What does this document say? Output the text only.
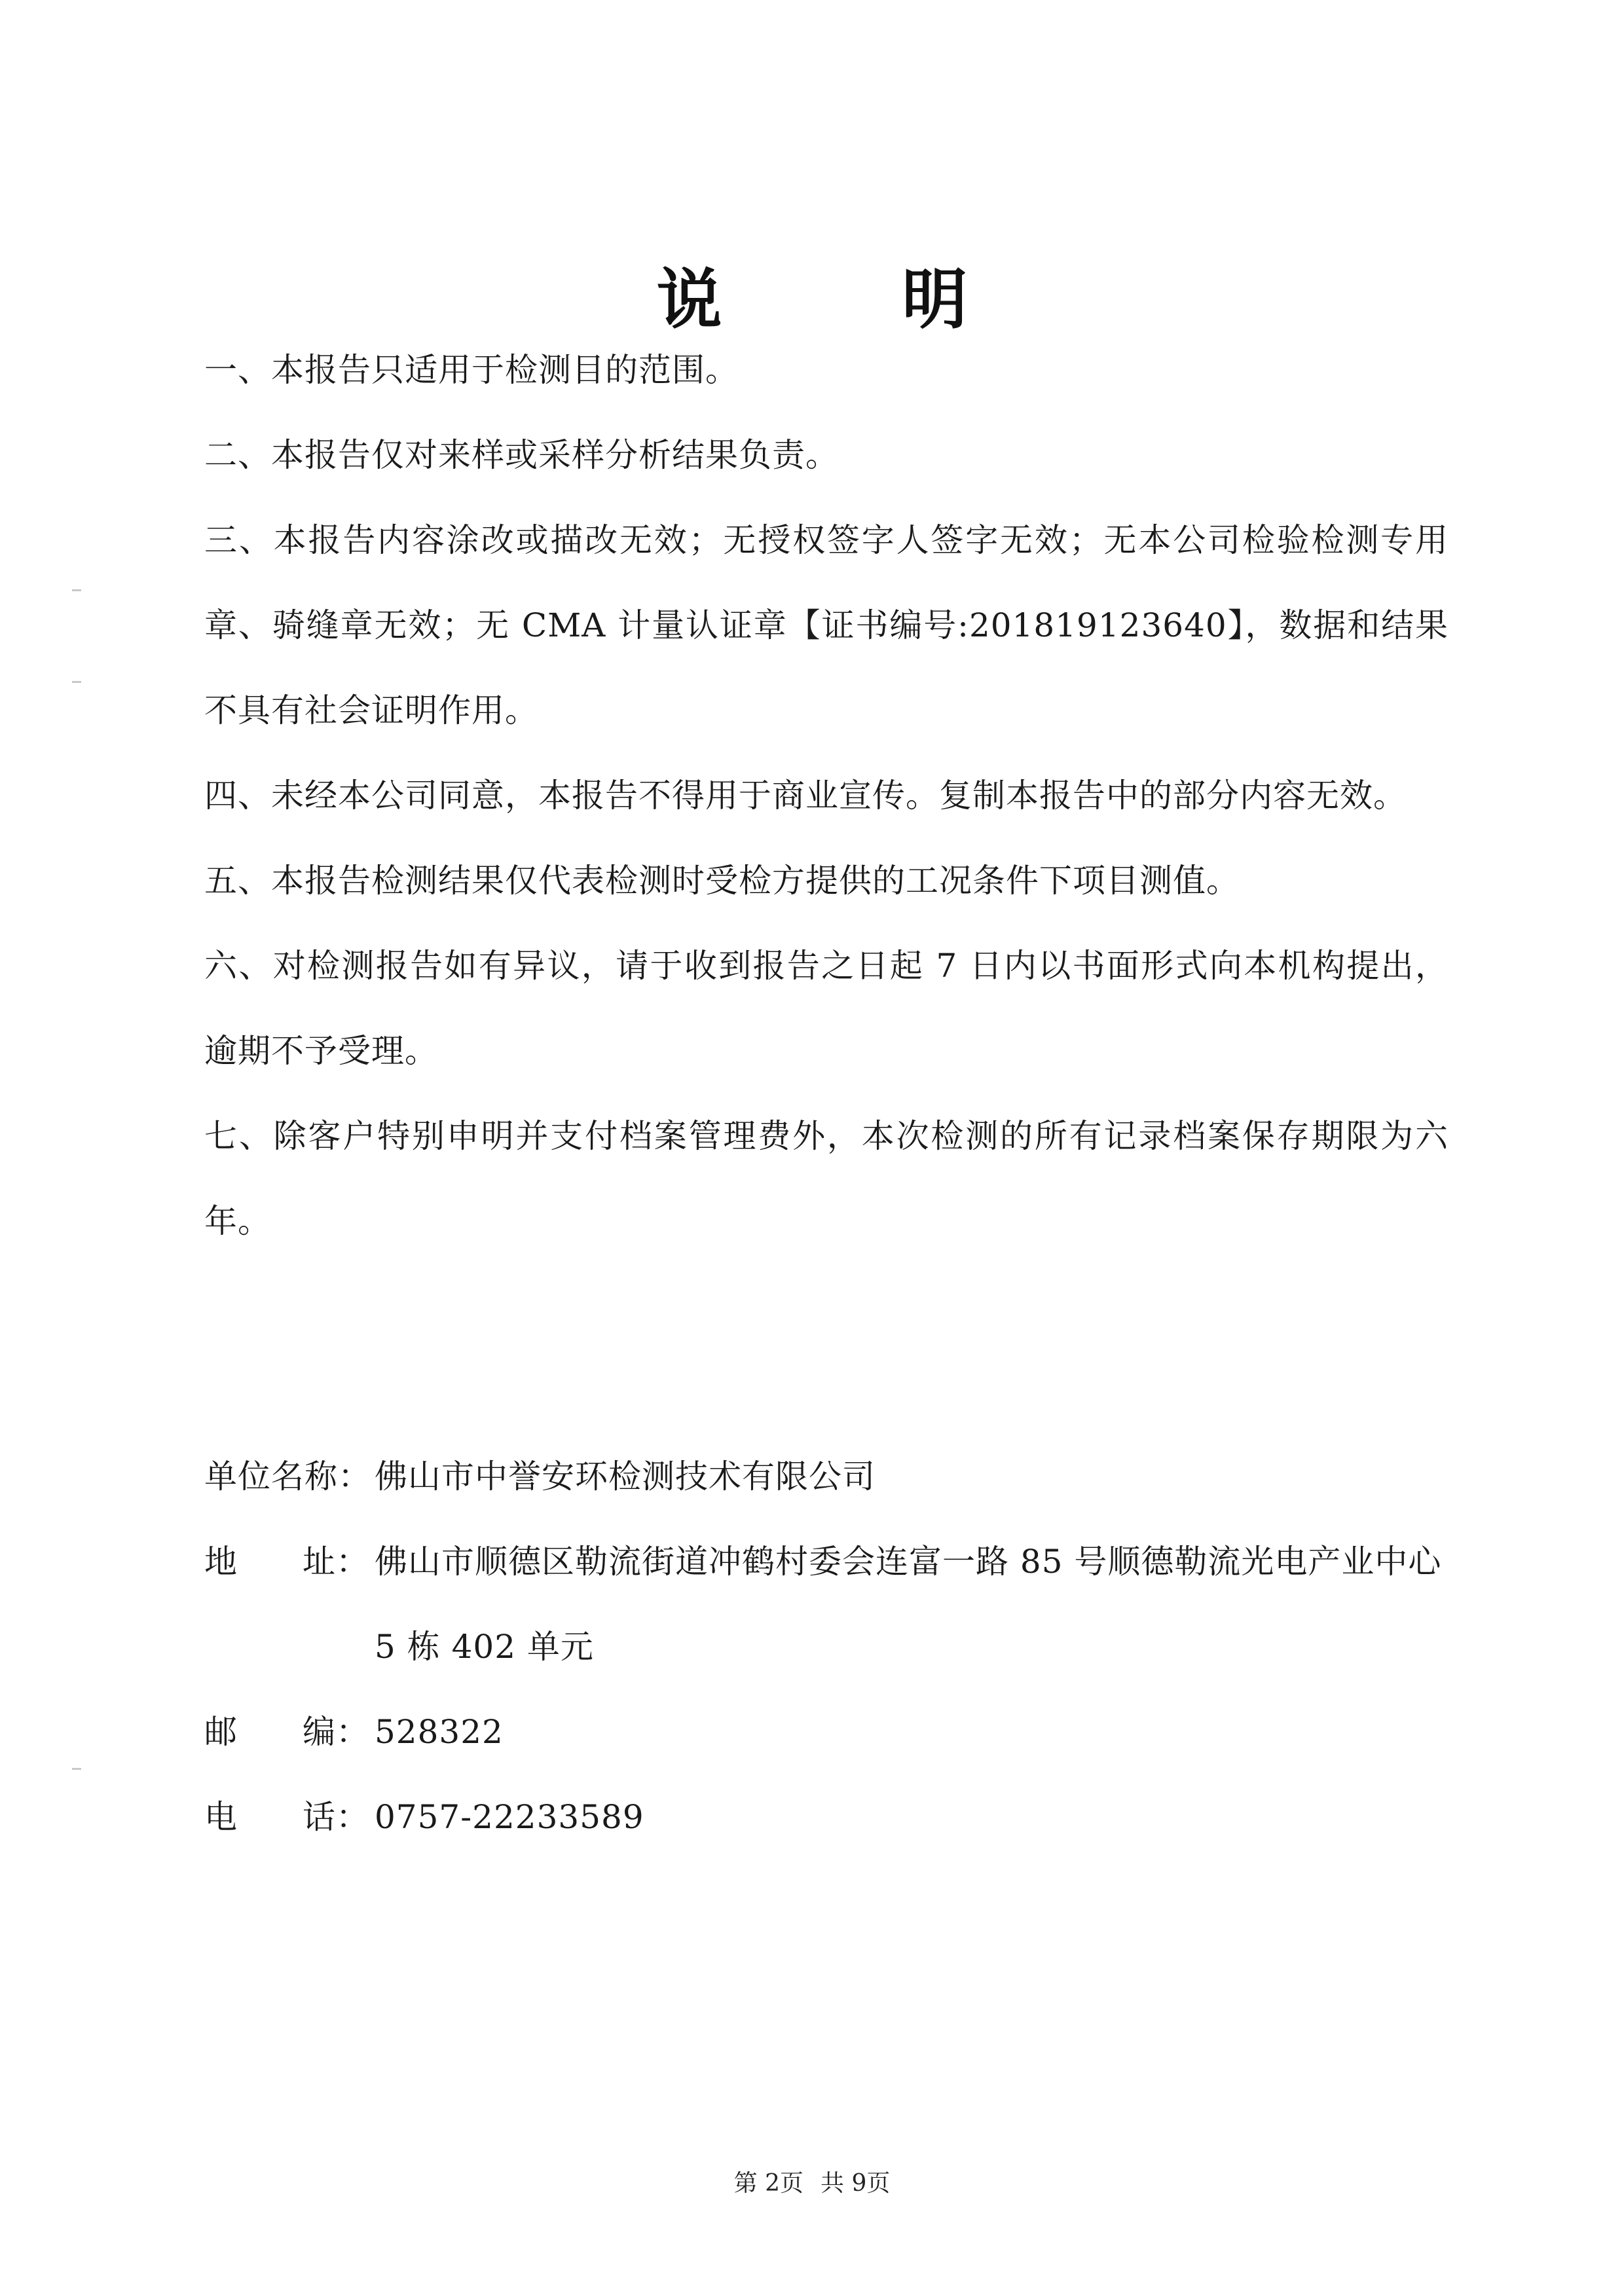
说 明

一、本报告只适用于检测目的范围。

二、本报告仅对来样或采样分析结果负责。

三、本报告内容涂改或描改无效；无授权签字人签字无效；无本公司检验检测专用章、骑缝章无效；无 CMA 计量认证章【证书编号:201819123640】，数据和结果不具有社会证明作用。

四、未经本公司同意，本报告不得用于商业宣传。复制本报告中的部分内容无效。

五、本报告检测结果仅代表检测时受检方提供的工况条件下项目测值。

六、对检测报告如有异议，请于收到报告之日起 7 日内以书面形式向本机构提出，逾期不予受理。

七、除客户特别申明并支付档案管理费外，本次检测的所有记录档案保存期限为六年。

单位名称： 佛山市中誉安环检测技术有限公司
地 址： 佛山市顺德区勒流街道冲鹤村委会连富一路 85 号顺德勒流光电产业中心
5 栋 402 单元
邮 编： 528322
电 话： 0757-22233589
第 2页 共 9页
